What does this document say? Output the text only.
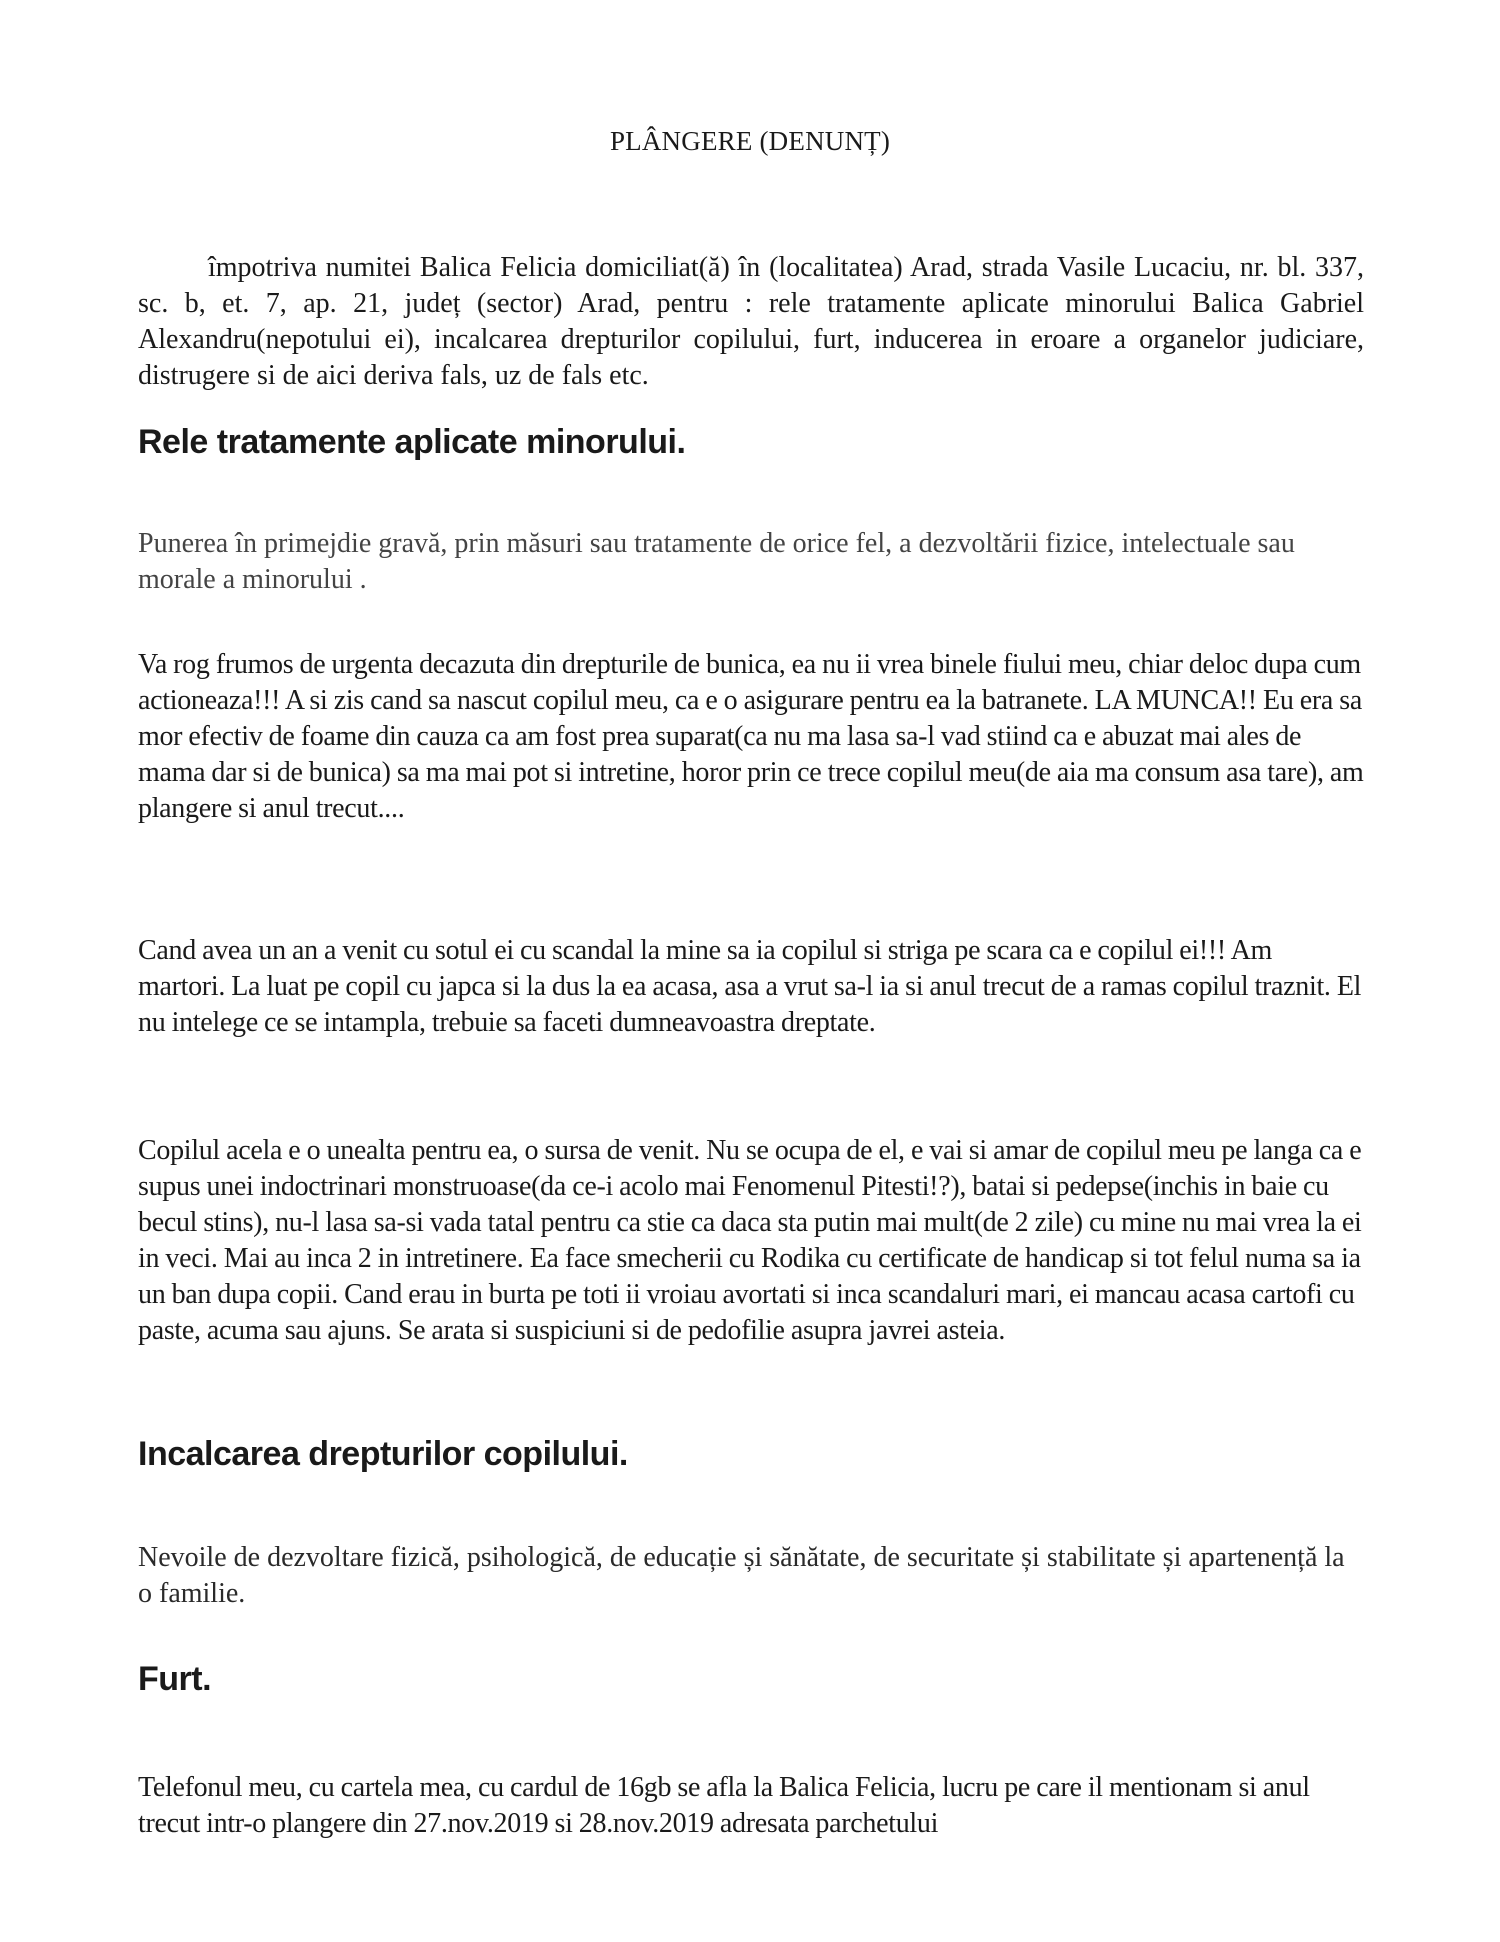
PLÂNGERE (DENUNȚ)

împotriva numitei Balica Felicia domiciliat(ă) în (localitatea) Arad, strada Vasile Lucaciu, nr. bl. 337, sc. b, et. 7, ap. 21, județ (sector) Arad, pentru : rele tratamente aplicate minorului Balica Gabriel Alexandru(nepotului ei), incalcarea drepturilor copilului, furt, inducerea in eroare a organelor judiciare, distrugere si de aici deriva fals, uz de fals etc.

Rele tratamente aplicate minorului.

Punerea în primejdie gravă, prin măsuri sau tratamente de orice fel, a dezvoltării fizice, intelectuale sau morale a minorului .

Va rog frumos de urgenta decazuta din drepturile de bunica, ea nu ii vrea binele fiului meu, chiar deloc dupa cum actioneaza!!! A si zis cand sa nascut copilul meu, ca e o asigurare pentru ea la batranete. LA MUNCA!! Eu era sa mor efectiv de foame din cauza ca am fost prea suparat(ca nu ma lasa sa-l vad stiind ca e abuzat mai ales de mama dar si de bunica) sa ma mai pot si intretine, horor prin ce trece copilul meu(de aia ma consum asa tare), am plangere si anul trecut....

Cand avea un an a venit cu sotul ei cu scandal la mine sa ia copilul si striga pe scara ca e copilul ei!!! Am martori. La luat pe copil cu japca si la dus la ea acasa, asa a vrut sa-l ia si anul trecut de a ramas copilul traznit. El nu intelege ce se intampla, trebuie sa faceti dumneavoastra dreptate.

Copilul acela e o unealta pentru ea, o sursa de venit. Nu se ocupa de el, e vai si amar de copilul meu pe langa ca e supus unei indoctrinari monstruoase(da ce-i acolo mai Fenomenul Pitesti!?), batai si pedepse(inchis in baie cu becul stins), nu-l lasa sa-si vada tatal pentru ca stie ca daca sta putin mai mult(de 2 zile) cu mine nu mai vrea la ei in veci. Mai au inca 2 in intretinere. Ea face smecherii cu Rodika cu certificate de handicap si tot felul numa sa ia un ban dupa copii. Cand erau in burta pe toti ii vroiau avortati si inca scandaluri mari, ei mancau acasa cartofi cu paste, acuma sau ajuns. Se arata si suspiciuni si de pedofilie asupra javrei asteia.

Incalcarea drepturilor copilului.

Nevoile de dezvoltare fizică, psihologică, de educație și sănătate, de securitate și stabilitate și apartenență la o familie.

Furt.

Telefonul meu, cu cartela mea, cu cardul de 16gb se afla la Balica Felicia, lucru pe care il mentionam si anul trecut intr-o plangere din 27.nov.2019 si 28.nov.2019 adresata parchetului
